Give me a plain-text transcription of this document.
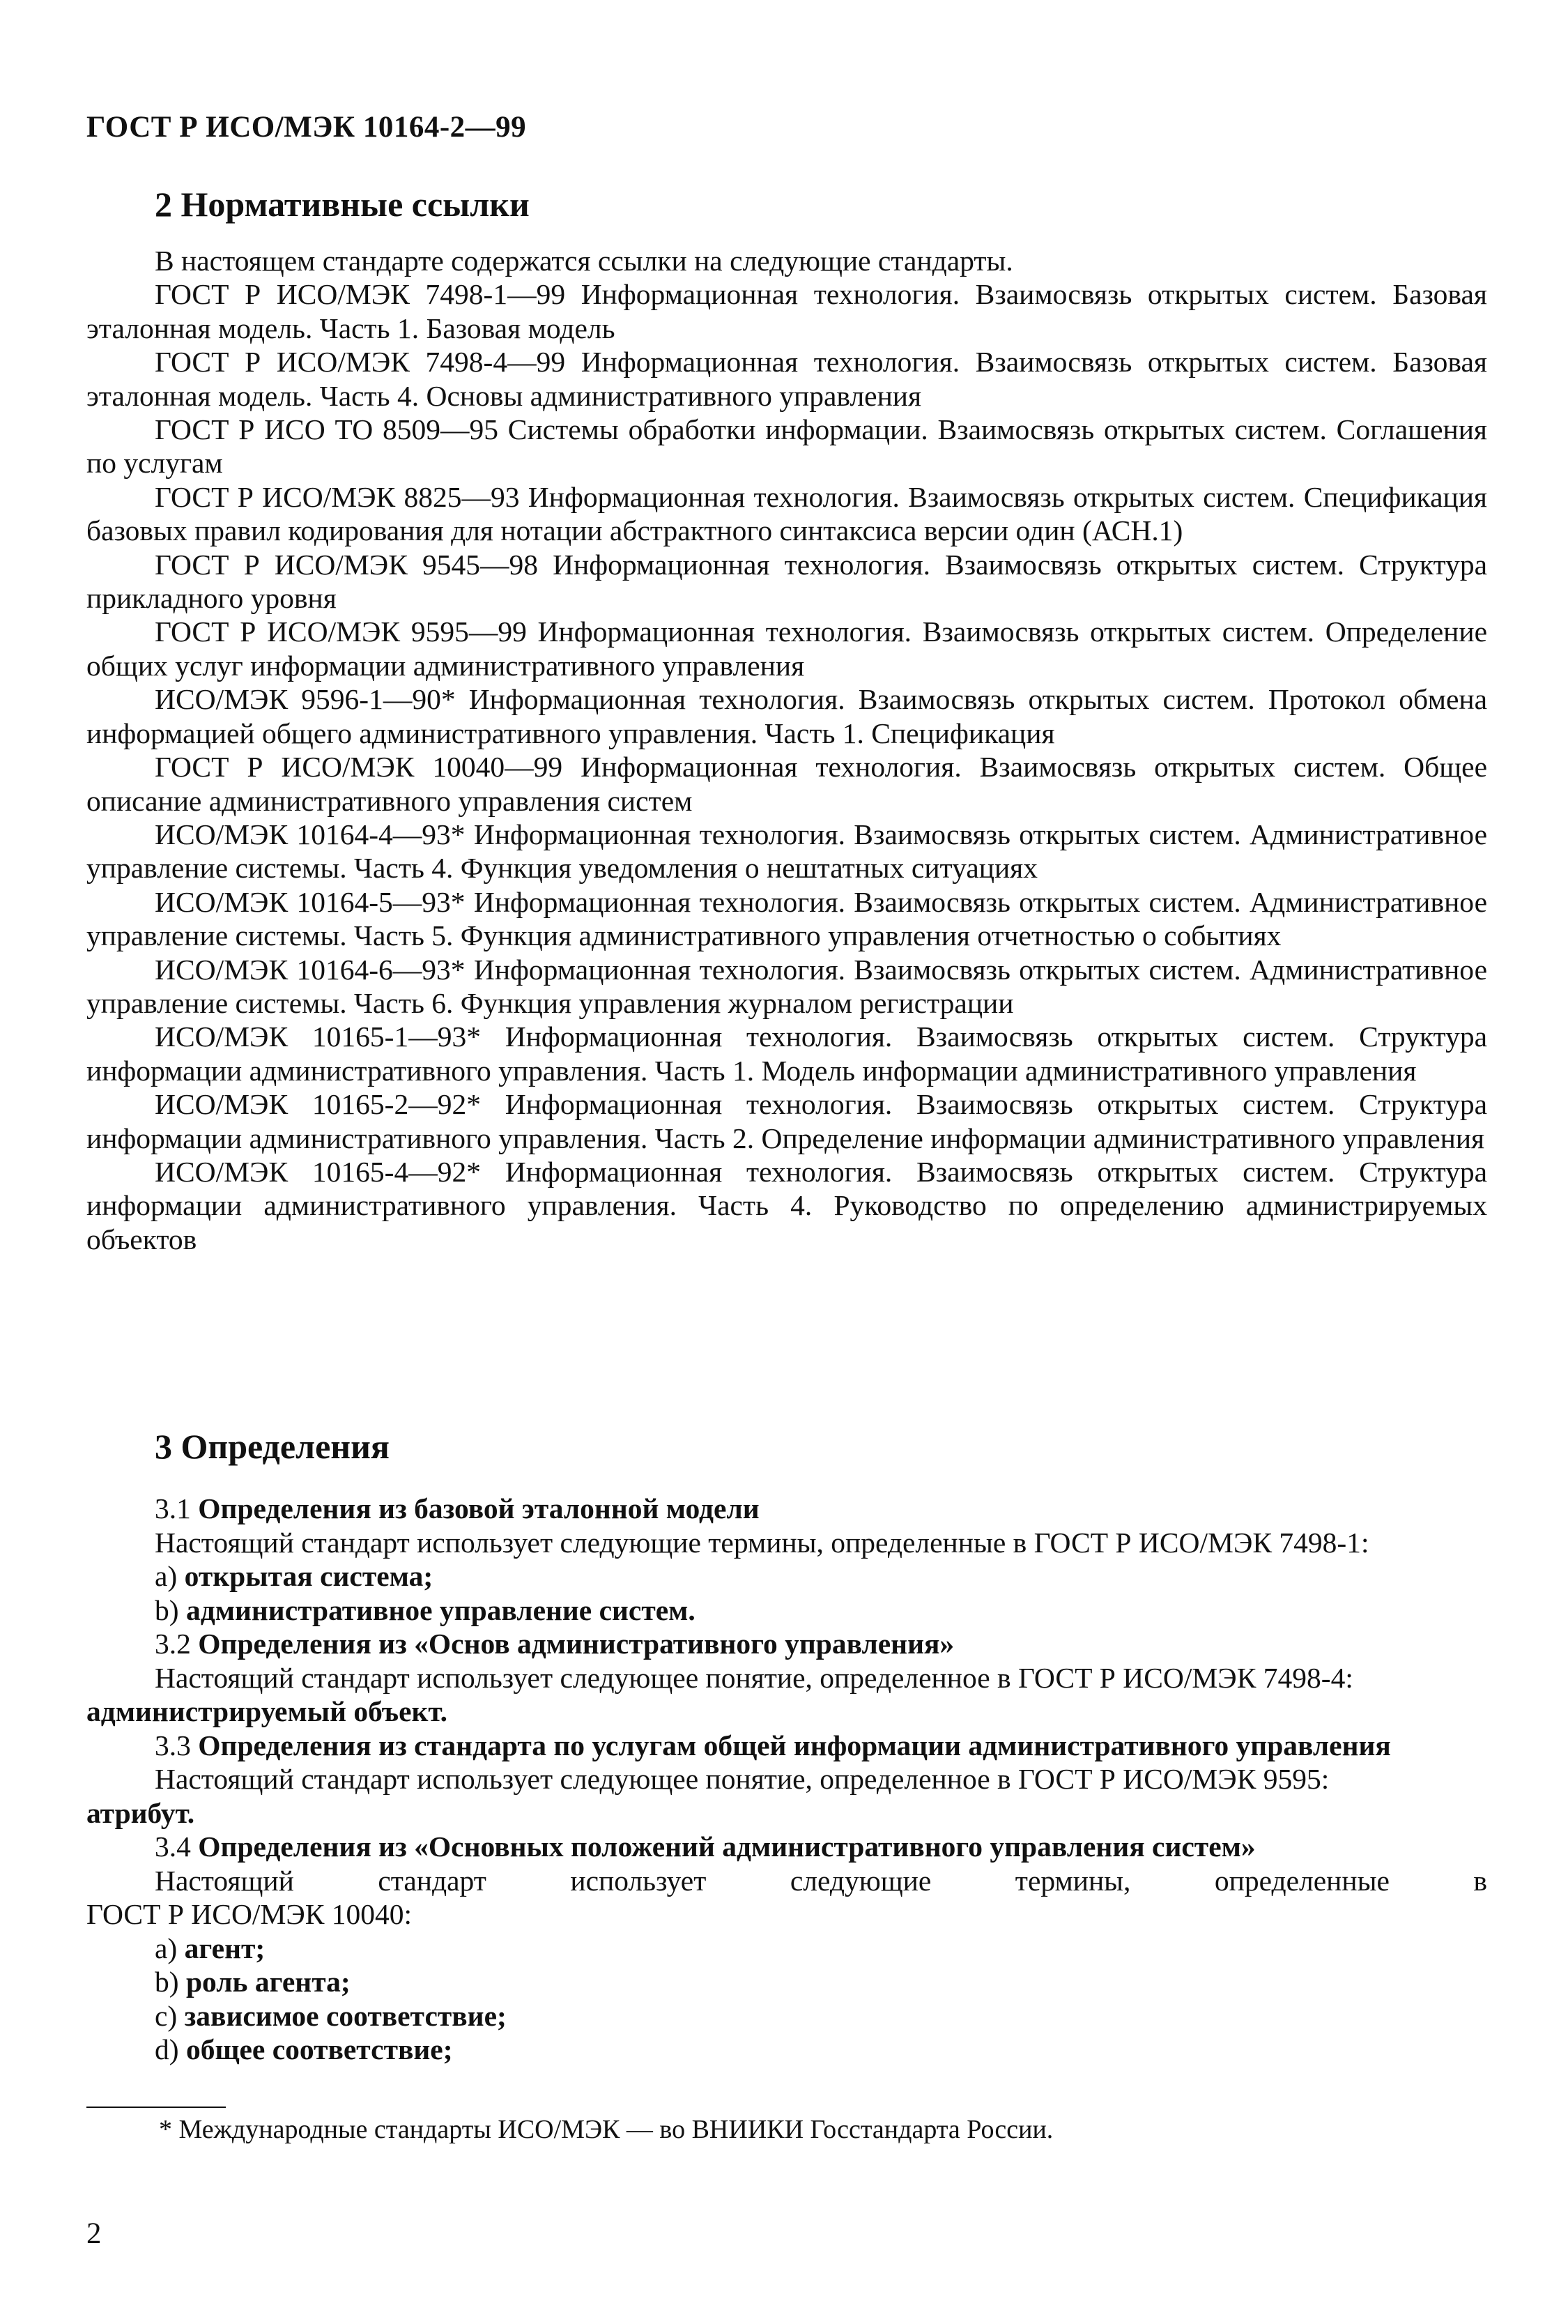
ГОСТ Р ИСО/МЭК 10164-2—99
2 Нормативные ссылки

В настоящем стандарте содержатся ссылки на следующие стандарты.

ГОСТ Р ИСО/МЭК 7498-1—99 Информационная технология. Взаимосвязь открытых систем. Базовая эталонная модель. Часть 1. Базовая модель

ГОСТ Р ИСО/МЭК 7498-4—99 Информационная технология. Взаимосвязь открытых систем. Базовая эталонная модель. Часть 4. Основы административного управления

ГОСТ Р ИСО ТО 8509—95 Системы обработки информации. Взаимосвязь открытых систем. Соглашения по услугам

ГОСТ Р ИСО/МЭК 8825—93 Информационная технология. Взаимосвязь открытых систем. Спецификация базовых правил кодирования для нотации абстрактного синтаксиса версии один (АСН.1)

ГОСТ Р ИСО/МЭК 9545—98 Информационная технология. Взаимосвязь открытых систем. Структура прикладного уровня

ГОСТ Р ИСО/МЭК 9595—99 Информационная технология. Взаимосвязь открытых систем. Определение общих услуг информации административного управления

ИСО/МЭК 9596-1—90* Информационная технология. Взаимосвязь открытых систем. Протокол обмена информацией общего административного управления. Часть 1. Спецификация

ГОСТ Р ИСО/МЭК 10040—99 Информационная технология. Взаимосвязь открытых систем. Общее описание административного управления систем

ИСО/МЭК 10164-4—93* Информационная технология. Взаимосвязь открытых систем. Административное управление системы. Часть 4. Функция уведомления о нештатных ситуациях

ИСО/МЭК 10164-5—93* Информационная технология. Взаимосвязь открытых систем. Административное управление системы. Часть 5. Функция административного управления отчетностью о событиях

ИСО/МЭК 10164-6—93* Информационная технология. Взаимосвязь открытых систем. Административное управление системы. Часть 6. Функция управления журналом регистрации

ИСО/МЭК 10165-1—93* Информационная технология. Взаимосвязь открытых систем. Структура информации административного управления. Часть 1. Модель информации административного управления

ИСО/МЭК 10165-2—92* Информационная технология. Взаимосвязь открытых систем. Структура информации административного управления. Часть 2. Определение информации административного управления

ИСО/МЭК 10165-4—92* Информационная технология. Взаимосвязь открытых систем. Структура информации административного управления. Часть 4. Руководство по определению администрируемых объектов

3 Определения

3.1 Определения из базовой эталонной модели

Настоящий стандарт использует следующие термины, определенные в ГОСТ Р ИСО/МЭК 7498-1:

a) открытая система;

b) административное управление систем.

3.2 Определения из «Основ административного управления»

Настоящий стандарт использует следующее понятие, определенное в ГОСТ Р ИСО/МЭК 7498-4:

администрируемый объект.

3.3 Определения из стандарта по услугам общей информации административного управления

Настоящий стандарт использует следующее понятие, определенное в ГОСТ Р ИСО/МЭК 9595:

атрибут.

3.4 Определения из «Основных положений административного управления систем»

Настоящий стандарт использует следующие термины, определенные в

ГОСТ Р ИСО/МЭК 10040:

a) агент;

b) роль агента;

c) зависимое соответствие;

d) общее соответствие;

* Международные стандарты ИСО/МЭК — во ВНИИКИ Госстандарта России.
2
